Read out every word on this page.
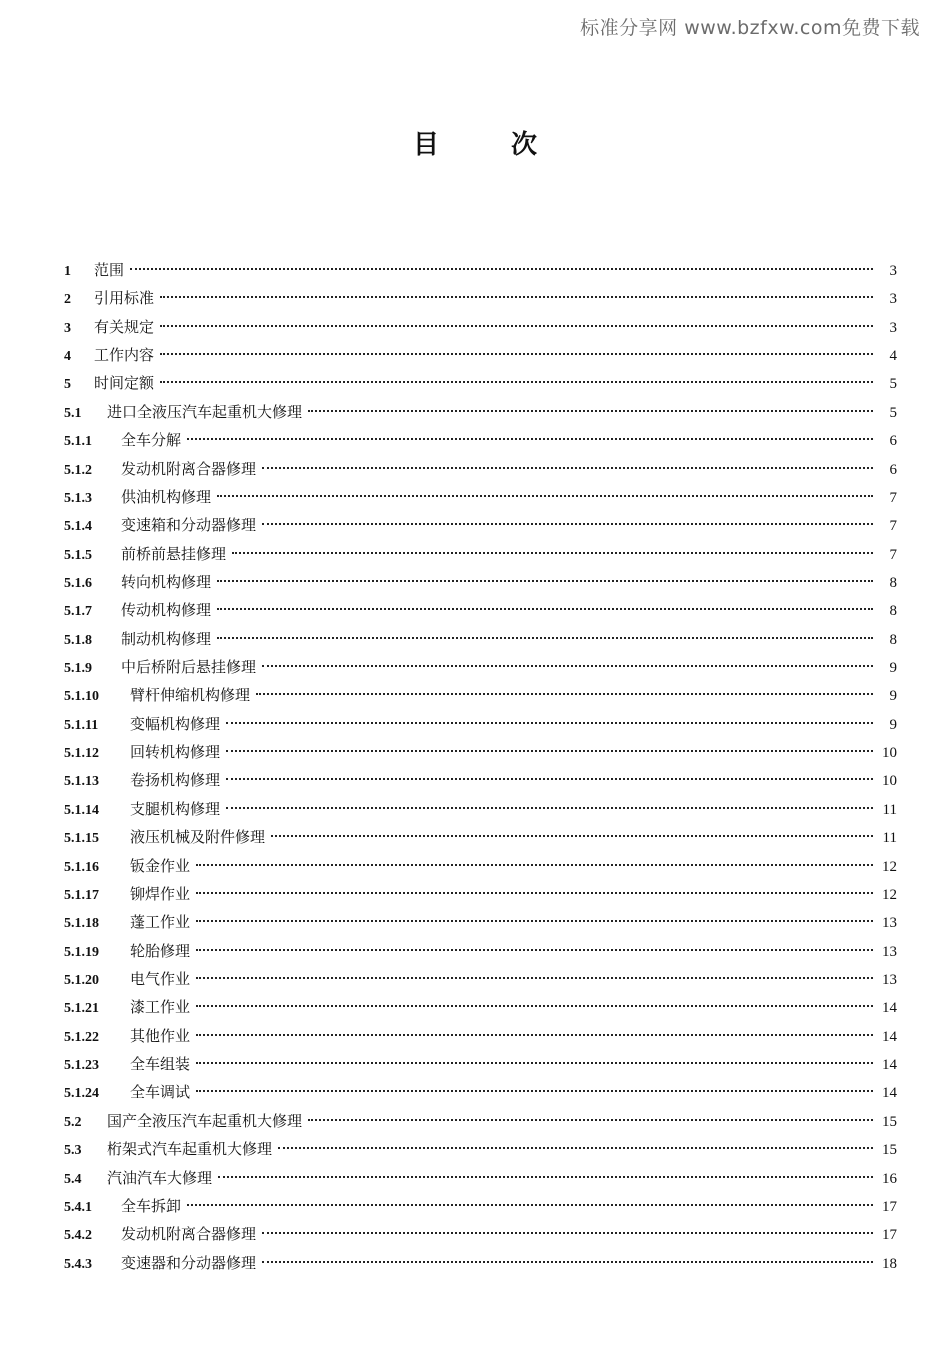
标准分享网 www.bzfxw.com免费下载
目	次
1	范围	3
2	引用标准	3
3	有关规定	3
4	工作内容	4
5	时间定额	5
5.1	进口全液压汽车起重机大修理	5
5.1.1	全车分解	6
5.1.2	发动机附离合器修理	6
5.1.3	供油机构修理	7
5.1.4	变速箱和分动器修理	7
5.1.5	前桥前悬挂修理	7
5.1.6	转向机构修理	8
5.1.7	传动机构修理	8
5.1.8	制动机构修理	8
5.1.9	中后桥附后悬挂修理	9
5.1.10	臂杆伸缩机构修理	9
5.1.11	变幅机构修理	9
5.1.12	回转机构修理	10
5.1.13	卷扬机构修理	10
5.1.14	支腿机构修理	11
5.1.15	液压机械及附件修理	11
5.1.16	钣金作业	12
5.1.17	铆焊作业	12
5.1.18	蓬工作业	13
5.1.19	轮胎修理	13
5.1.20	电气作业	13
5.1.21	漆工作业	14
5.1.22	其他作业	14
5.1.23	全车组装	14
5.1.24	全车调试	14
5.2	国产全液压汽车起重机大修理	15
5.3	桁架式汽车起重机大修理	15
5.4	汽油汽车大修理	16
5.4.1	全车拆卸	17
5.4.2	发动机附离合器修理	17
5.4.3	变速器和分动器修理	18
